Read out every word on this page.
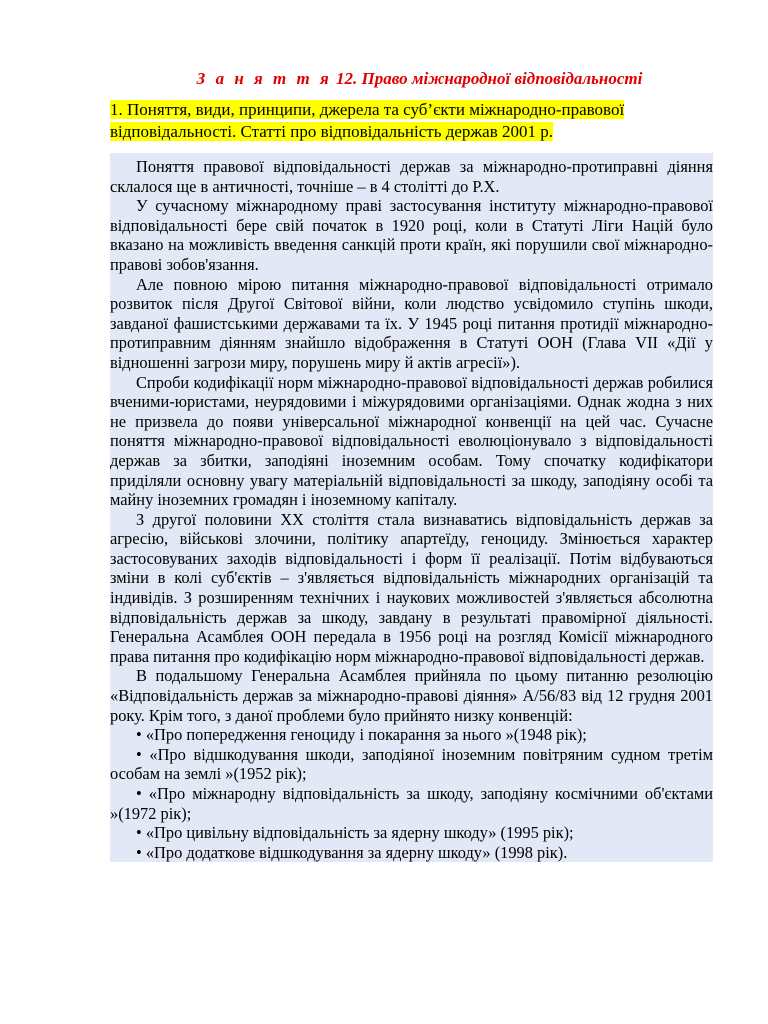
З а н я т т я 12. Право міжнародної відповідальності
1. Поняття, види, принципи, джерела та суб’єкти міжнародно-правової відповідальності. Статті про відповідальність держав 2001 р.

Поняття правової відповідальності держав за міжнародно-протиправні діяння склалося ще в античності, точніше – в 4 столітті до Р.Х.

У сучасному міжнародному праві застосування інституту міжнародно-правової відповідальності бере свій початок в 1920 році, коли в Статуті Ліги Націй було вказано на можливість введення санкцій проти країн, які порушили свої міжнародно-правові зобов'язання.

Але повною мірою питання міжнародно-правової відповідальності отримало розвиток після Другої Світової війни, коли людство усвідомило ступінь шкоди, завданої фашистськими державами та їх. У 1945 році питання протидії міжнародно-протиправним діянням знайшло відображення в Статуті ООН (Глава VII «Дії у відношенні загрози миру, порушень миру й актів агресії»).

Спроби кодифікації норм міжнародно-правової відповідальності держав робилися вченими-юристами, неурядовими і міжурядовими організаціями. Однак жодна з них не призвела до появи універсальної міжнародної конвенції на цей час. Сучасне поняття міжнародно-правової відповідальності еволюціонувало з відповідальності держав за збитки, заподіяні іноземним особам. Тому спочатку кодифікатори приділяли основну увагу матеріальній відповідальності за шкоду, заподіяну особі та майну іноземних громадян і іноземному капіталу.

З другої половини XX століття стала визнаватись відповідальність держав за агресію, військові злочини, політику апартеїду, геноциду. Змінюється характер застосовуваних заходів відповідальності і форм її реалізації. Потім відбуваються зміни в колі суб'єктів – з'являється відповідальність міжнародних організацій та індивідів. З розширенням технічних і наукових можливостей з'являється абсолютна відповідальність держав за шкоду, завдану в результаті правомірної діяльності. Генеральна Асамблея ООН передала в 1956 році на розгляд Комісії міжнародного права питання про кодифікацію норм міжнародно-правової відповідальності держав.

В подальшому Генеральна Асамблея прийняла по цьому питанню резолюцію «Відповідальність держав за міжнародно-правові діяння» А/56/83 від 12 грудня 2001 року. Крім того, з даної проблеми було прийнято низку конвенцій:

• «Про попередження геноциду і покарання за нього »(1948 рік);

• «Про відшкодування шкоди, заподіяної іноземним повітряним судном третім особам на землі »(1952 рік);

• «Про міжнародну відповідальність за шкоду, заподіяну космічними об'єктами »(1972 рік);

• «Про цивільну відповідальність за ядерну шкоду» (1995 рік);

• «Про додаткове відшкодування за ядерну шкоду» (1998 рік).
